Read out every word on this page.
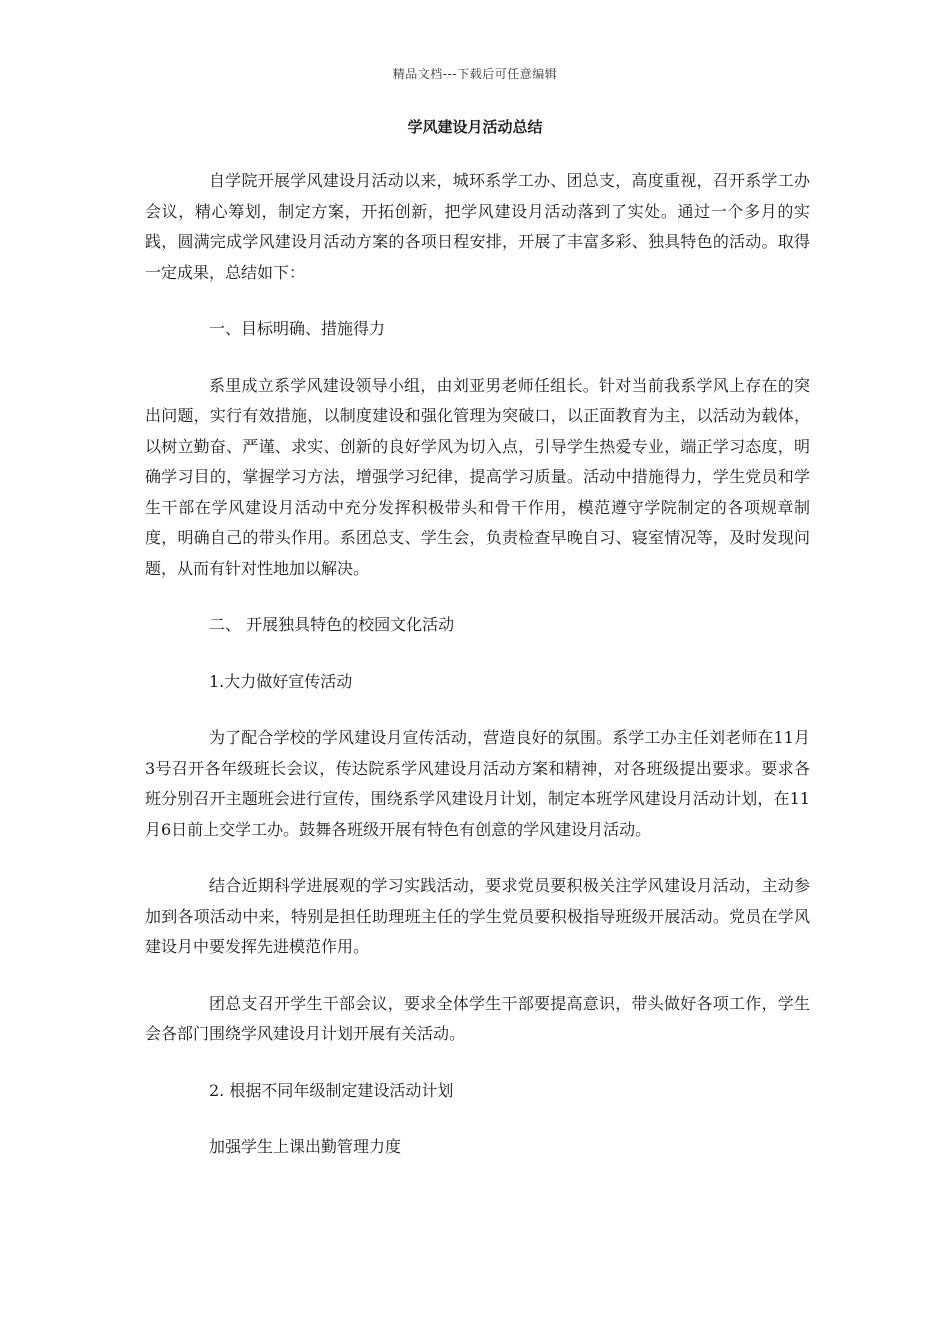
精品文档---下载后可任意编辑
学风建设月活动总结

自学院开展学风建设月活动以来，城环系学工办、团总支，高度重视，召开系学工办会议，精心筹划，制定方案，开拓创新，把学风建设月活动落到了实处。通过一个多月的实践，圆满完成学风建设月活动方案的各项日程安排，开展了丰富多彩、独具特色的活动。取得一定成果，总结如下：

一、目标明确、措施得力

系里成立系学风建设领导小组，由刘亚男老师任组长。针对当前我系学风上存在的突出问题，实行有效措施，以制度建设和强化管理为突破口，以正面教育为主，以活动为载体，以树立勤奋、严谨、求实、创新的良好学风为切入点，引导学生热爱专业，端正学习态度，明确学习目的，掌握学习方法，增强学习纪律，提高学习质量。活动中措施得力，学生党员和学生干部在学风建设月活动中充分发挥积极带头和骨干作用，模范遵守学院制定的各项规章制度，明确自己的带头作用。系团总支、学生会，负责检查早晚自习、寝室情况等，及时发现问题，从而有针对性地加以解决。

二、 开展独具特色的校园文化活动

1.大力做好宣传活动

为了配合学校的学风建设月宣传活动，营造良好的氛围。系学工办主任刘老师在11月3号召开各年级班长会议，传达院系学风建设月活动方案和精神，对各班级提出要求。要求各班分别召开主题班会进行宣传，围绕系学风建设月计划，制定本班学风建设月活动计划，在11月6日前上交学工办。鼓舞各班级开展有特色有创意的学风建设月活动。

结合近期科学进展观的学习实践活动，要求党员要积极关注学风建设月活动，主动参加到各项活动中来，特别是担任助理班主任的学生党员要积极指导班级开展活动。党员在学风建设月中要发挥先进模范作用。

团总支召开学生干部会议，要求全体学生干部要提高意识，带头做好各项工作，学生会各部门围绕学风建设月计划开展有关活动。

2. 根据不同年级制定建设活动计划

加强学生上课出勤管理力度
